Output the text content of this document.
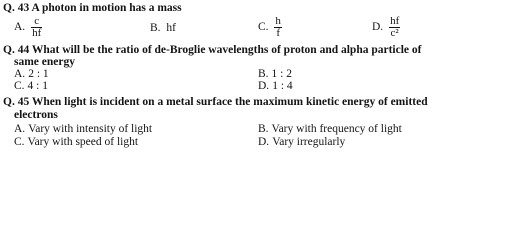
Q. 43 A photon in motion has a mass
A. $\frac{c}{hf}$	B. hf	C. $\frac{h}{f}$	D. $\frac{hf}{\text{c²}}$
Q. 44 What will be the ratio of de-Broglie wavelengths of proton and alpha particle of
same energy
A. 2 : 1	B. 1 : 2
C. 4 : 1	D. 1 : 4
Q. 45 When light is incident on a metal surface the maximum kinetic energy of emitted
electrons
A. Vary with intensity of light	B. Vary with frequency of light
C. Vary with speed of light	D. Vary irregularly
